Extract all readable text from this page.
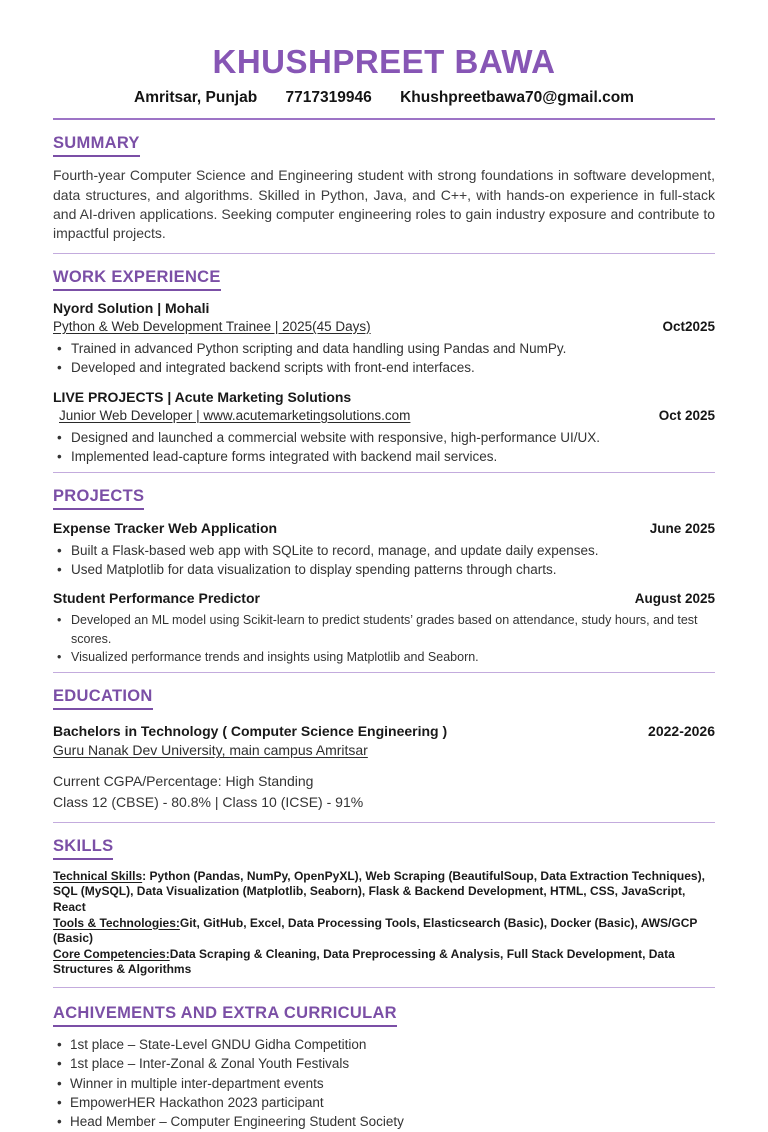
KHUSHPREET BAWA
Amritsar, Punjab 7717319946 Khushpreetbawa70@gmail.com
SUMMARY

Fourth-year Computer Science and Engineering student with strong foundations in software development, data structures, and algorithms. Skilled in Python, Java, and C++, with hands-on experience in full-stack and AI-driven applications. Seeking computer engineering roles to gain industry exposure and contribute to impactful projects.

WORK EXPERIENCE
Nyord Solution | Mohali
Python & Web Development Trainee | 2025(45 Days)	Oct2025
• Trained in advanced Python scripting and data handling using Pandas and NumPy.
• Developed and integrated backend scripts with front-end interfaces.
LIVE PROJECTS | Acute Marketing Solutions
Junior Web Developer | www.acutemarketingsolutions.com	Oct 2025
• Designed and launched a commercial website with responsive, high-performance UI/UX.
• Implemented lead-capture forms integrated with backend mail services.
PROJECTS
Expense Tracker Web Application	June 2025
• Built a Flask-based web app with SQLite to record, manage, and update daily expenses.
• Used Matplotlib for data visualization to display spending patterns through charts.
Student Performance Predictor	August 2025
• Developed an ML model using Scikit-learn to predict students’ grades based on attendance, study hours, and test scores.
• Visualized performance trends and insights using Matplotlib and Seaborn.
EDUCATION
Bachelors in Technology ( Computer Science Engineering )	2022-2026
Guru Nanak Dev University, main campus Amritsar
Current CGPA/Percentage: High Standing
Class 12 (CBSE) - 80.8% | Class 10 (ICSE) - 91%
SKILLS

Technical Skills: Python (Pandas, NumPy, OpenPyXL), Web Scraping (BeautifulSoup, Data Extraction Techniques), SQL (MySQL), Data Visualization (Matplotlib, Seaborn), Flask & Backend Development, HTML, CSS, JavaScript, React

Tools & Technologies:Git, GitHub, Excel, Data Processing Tools, Elasticsearch (Basic), Docker (Basic), AWS/GCP (Basic)

Core Competencies:Data Scraping & Cleaning, Data Preprocessing & Analysis, Full Stack Development, Data Structures & Algorithms

ACHIVEMENTS AND EXTRA CURRICULAR
• 1st place – State-Level GNDU Gidha Competition
• 1st place – Inter-Zonal & Zonal Youth Festivals
• Winner in multiple inter-department events
• EmpowerHER Hackathon 2023 participant
• Head Member – Computer Engineering Student Society
